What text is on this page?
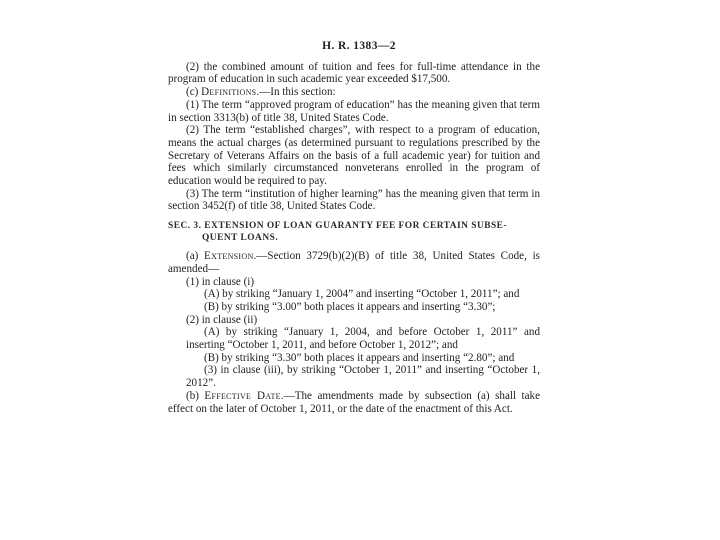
H. R. 1383—2

(2) the combined amount of tuition and fees for full-time attendance in the program of education in such academic year exceeded $17,500.

(c) Definitions.—In this section:

(1) The term “approved program of education” has the meaning given that term in section 3313(b) of title 38, United States Code.

(2) The term “established charges”, with respect to a program of education, means the actual charges (as determined pursuant to regulations prescribed by the Secretary of Veterans Affairs on the basis of a full academic year) for tuition and fees which similarly circumstanced nonveterans enrolled in the program of education would be required to pay.

(3) The term “institution of higher learning” has the meaning given that term in section 3452(f) of title 38, United States Code.

SEC. 3. EXTENSION OF LOAN GUARANTY FEE FOR CERTAIN SUBSE-
QUENT LOANS.

(a) Extension.—Section 3729(b)(2)(B) of title 38, United States Code, is amended—

(1) in clause (i)

(A) by striking “January 1, 2004” and inserting “October 1, 2011”; and

(B) by striking “3.00” both places it appears and inserting “3.30”;

(2) in clause (ii)

(A) by striking “January 1, 2004, and before October 1, 2011” and inserting “October 1, 2011, and before October 1, 2012”; and

(B) by striking “3.30” both places it appears and inserting “2.80”; and

(3) in clause (iii), by striking “October 1, 2011” and inserting “October 1, 2012”.

(b) Effective Date.—The amendments made by subsection (a) shall take effect on the later of October 1, 2011, or the date of the enactment of this Act.
